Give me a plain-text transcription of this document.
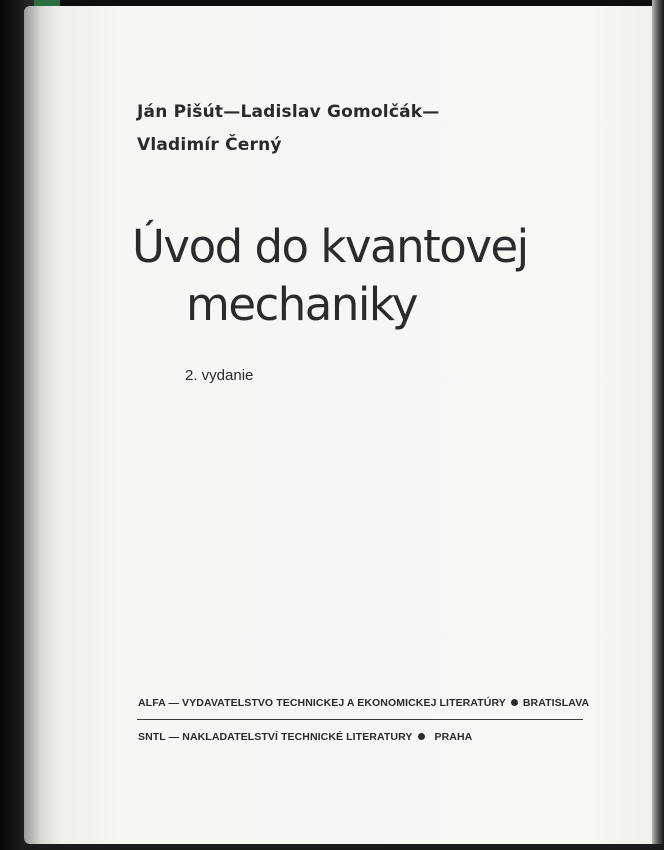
Ján Pišút—Ladislav Gomolčák—
Vladimír Černý

Úvod do kvantovej
mechaniky
2. vydanie
ALFA — VYDAVATELSTVO TECHNICKEJ A EKONOMICKEJ LITERATÚRY BRATISLAVA
SNTL — NAKLADATELSTVÍ TECHNICKÉ LITERATURY PRAHA
